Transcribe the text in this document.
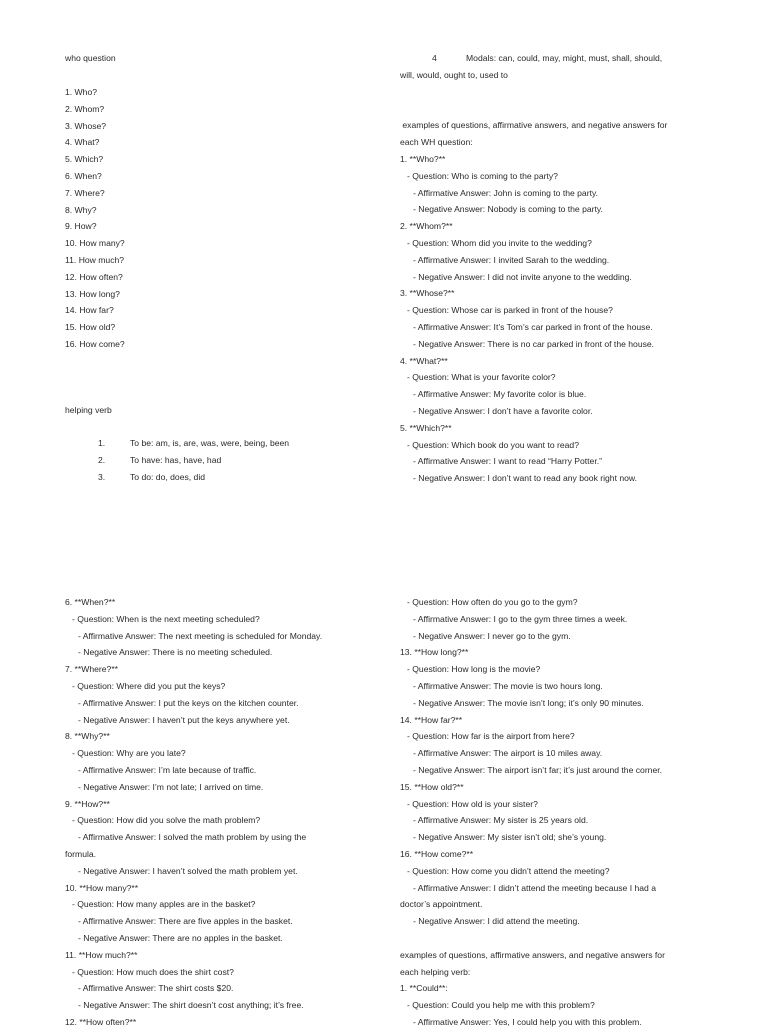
who question
1. Who?
2. Whom?
3. Whose?
4. What?
5. Which?
6. When?
7. Where?
8. Why?
9. How?
10. How many?
11. How much?
12. How often?
13. How long?
14. How far?
15. How old?
16. How come?
helping verb
1.	To be: am, is, are, was, were, being, been
2.	To have: has, have, had
3.	To do: do, does, did
4	Modals: can, could, may, might, must, shall, should,
will, would, ought to, used to
examples of questions, affirmative answers, and negative answers for
each WH question:
1. **Who?**
- Question: Who is coming to the party?
- Affirmative Answer: John is coming to the party.
- Negative Answer: Nobody is coming to the party.
2. **Whom?**
- Question: Whom did you invite to the wedding?
- Affirmative Answer: I invited Sarah to the wedding.
- Negative Answer: I did not invite anyone to the wedding.
3. **Whose?**
- Question: Whose car is parked in front of the house?
- Affirmative Answer: It’s Tom’s car parked in front of the house.
- Negative Answer: There is no car parked in front of the house.
4. **What?**
- Question: What is your favorite color?
- Affirmative Answer: My favorite color is blue.
- Negative Answer: I don’t have a favorite color.
5. **Which?**
- Question: Which book do you want to read?
- Affirmative Answer: I want to read “Harry Potter.”
- Negative Answer: I don’t want to read any book right now.
6. **When?**
- Question: When is the next meeting scheduled?
- Affirmative Answer: The next meeting is scheduled for Monday.
- Negative Answer: There is no meeting scheduled.
7. **Where?**
- Question: Where did you put the keys?
- Affirmative Answer: I put the keys on the kitchen counter.
- Negative Answer: I haven’t put the keys anywhere yet.
8. **Why?**
- Question: Why are you late?
- Affirmative Answer: I’m late because of traffic.
- Negative Answer: I’m not late; I arrived on time.
9. **How?**
- Question: How did you solve the math problem?
- Affirmative Answer: I solved the math problem by using the
formula.
- Negative Answer: I haven’t solved the math problem yet.
10. **How many?**
- Question: How many apples are in the basket?
- Affirmative Answer: There are five apples in the basket.
- Negative Answer: There are no apples in the basket.
11. **How much?**
- Question: How much does the shirt cost?
- Affirmative Answer: The shirt costs $20.
- Negative Answer: The shirt doesn’t cost anything; it’s free.
12. **How often?**
- Question: How often do you go to the gym?
- Affirmative Answer: I go to the gym three times a week.
- Negative Answer: I never go to the gym.
13. **How long?**
- Question: How long is the movie?
- Affirmative Answer: The movie is two hours long.
- Negative Answer: The movie isn’t long; it’s only 90 minutes.
14. **How far?**
- Question: How far is the airport from here?
- Affirmative Answer: The airport is 10 miles away.
- Negative Answer: The airport isn’t far; it’s just around the corner.
15. **How old?**
- Question: How old is your sister?
- Affirmative Answer: My sister is 25 years old.
- Negative Answer: My sister isn’t old; she’s young.
16. **How come?**
- Question: How come you didn’t attend the meeting?
- Affirmative Answer: I didn’t attend the meeting because I had a
doctor’s appointment.
- Negative Answer: I did attend the meeting.
examples of questions, affirmative answers, and negative answers for
each helping verb:
1. **Could**:
- Question: Could you help me with this problem?
- Affirmative Answer: Yes, I could help you with this problem.
